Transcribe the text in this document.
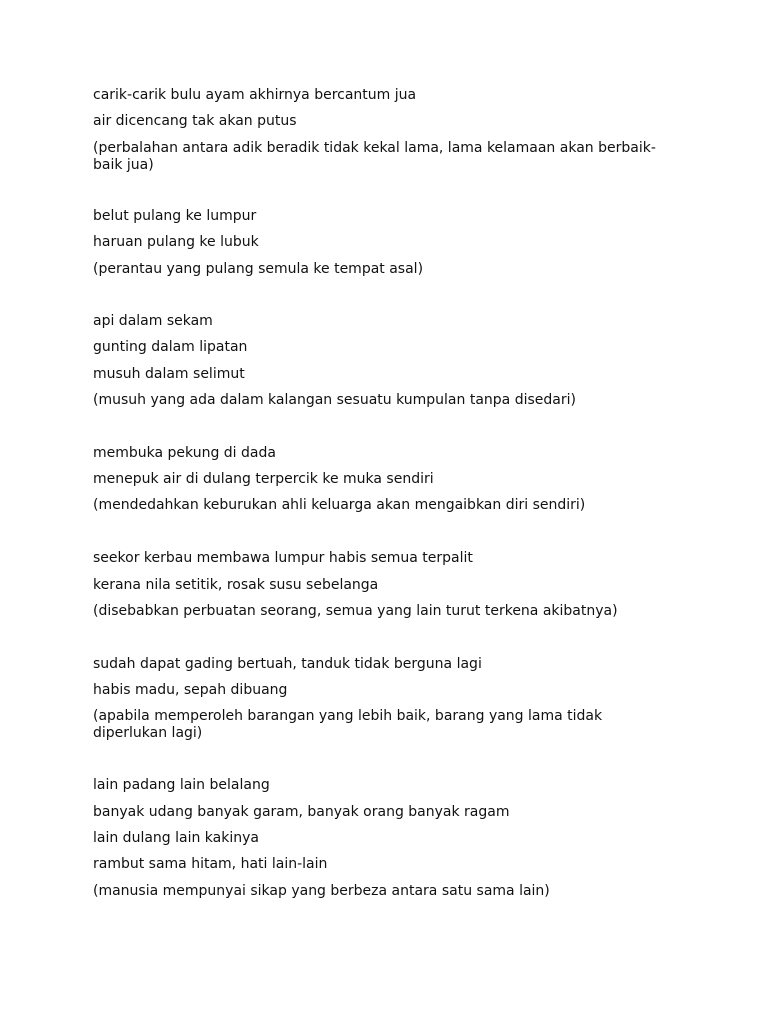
carik-carik bulu ayam akhirnya bercantum jua
air dicencang tak akan putus
(perbalahan antara adik beradik tidak kekal lama, lama kelamaan akan berbaik-baik jua)
belut pulang ke lumpur
haruan pulang ke lubuk
(perantau yang pulang semula ke tempat asal)
api dalam sekam
gunting dalam lipatan
musuh dalam selimut
(musuh yang ada dalam kalangan sesuatu kumpulan tanpa disedari)
membuka pekung di dada
menepuk air di dulang terpercik ke muka sendiri
(mendedahkan keburukan ahli keluarga akan mengaibkan diri sendiri)
seekor kerbau membawa lumpur habis semua terpalit
kerana nila setitik, rosak susu sebelanga
(disebabkan perbuatan seorang, semua yang lain turut terkena akibatnya)
sudah dapat gading bertuah, tanduk tidak berguna lagi
habis madu, sepah dibuang
(apabila memperoleh barangan yang lebih baik, barang yang lama tidak diperlukan lagi)
lain padang lain belalang
banyak udang banyak garam, banyak orang banyak ragam
lain dulang lain kakinya
rambut sama hitam, hati lain-lain
(manusia mempunyai sikap yang berbeza antara satu sama lain)
